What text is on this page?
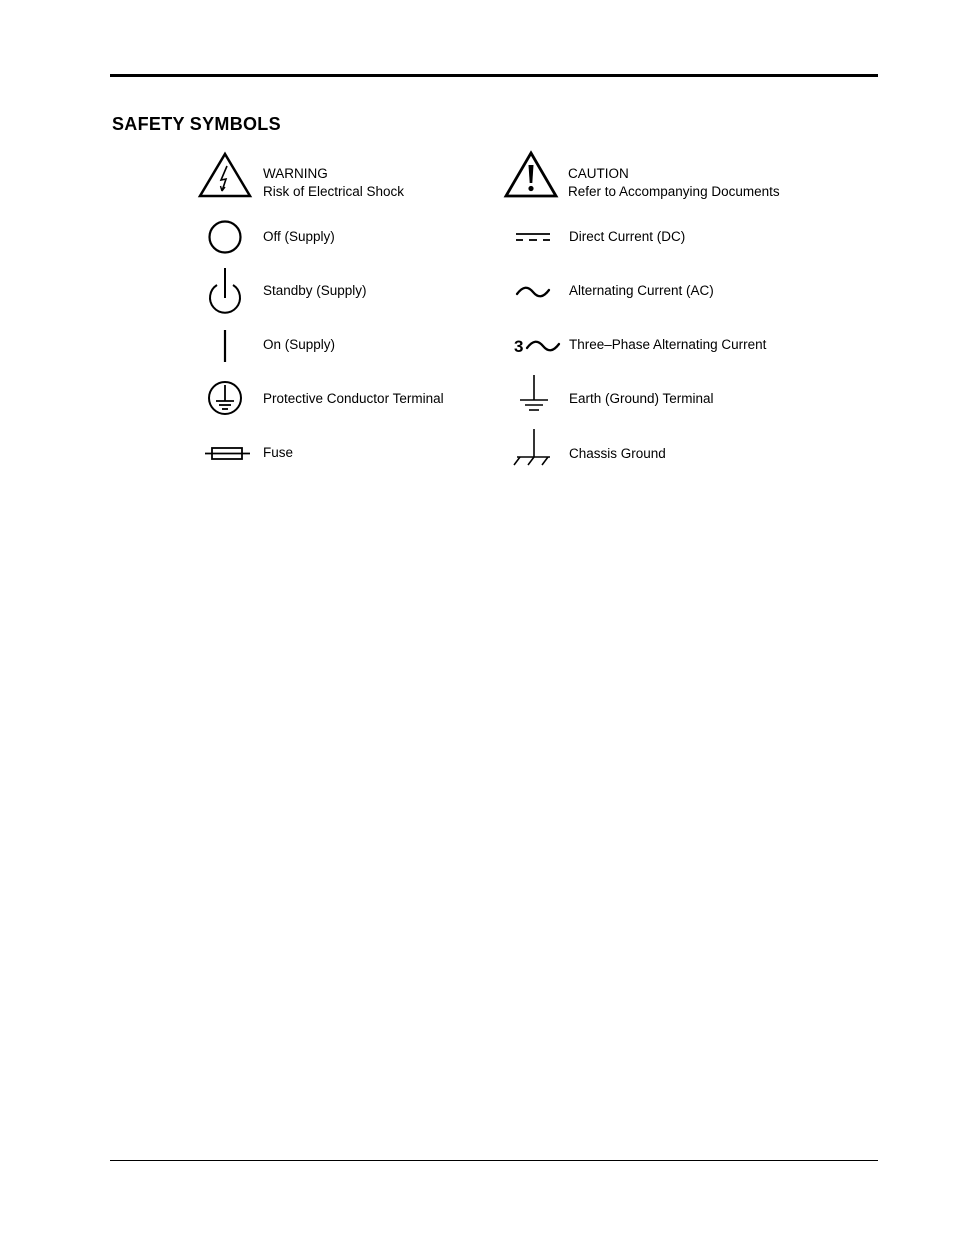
SAFETY SYMBOLS
WARNING
Risk of Electrical Shock
Off (Supply)
Standby (Supply)
On (Supply)
Protective Conductor Terminal
Fuse
CAUTION
Refer to Accompanying Documents
Direct Current (DC)
Alternating Current (AC)
3	Three–Phase Alternating Current
Earth (Ground) Terminal
Chassis Ground
